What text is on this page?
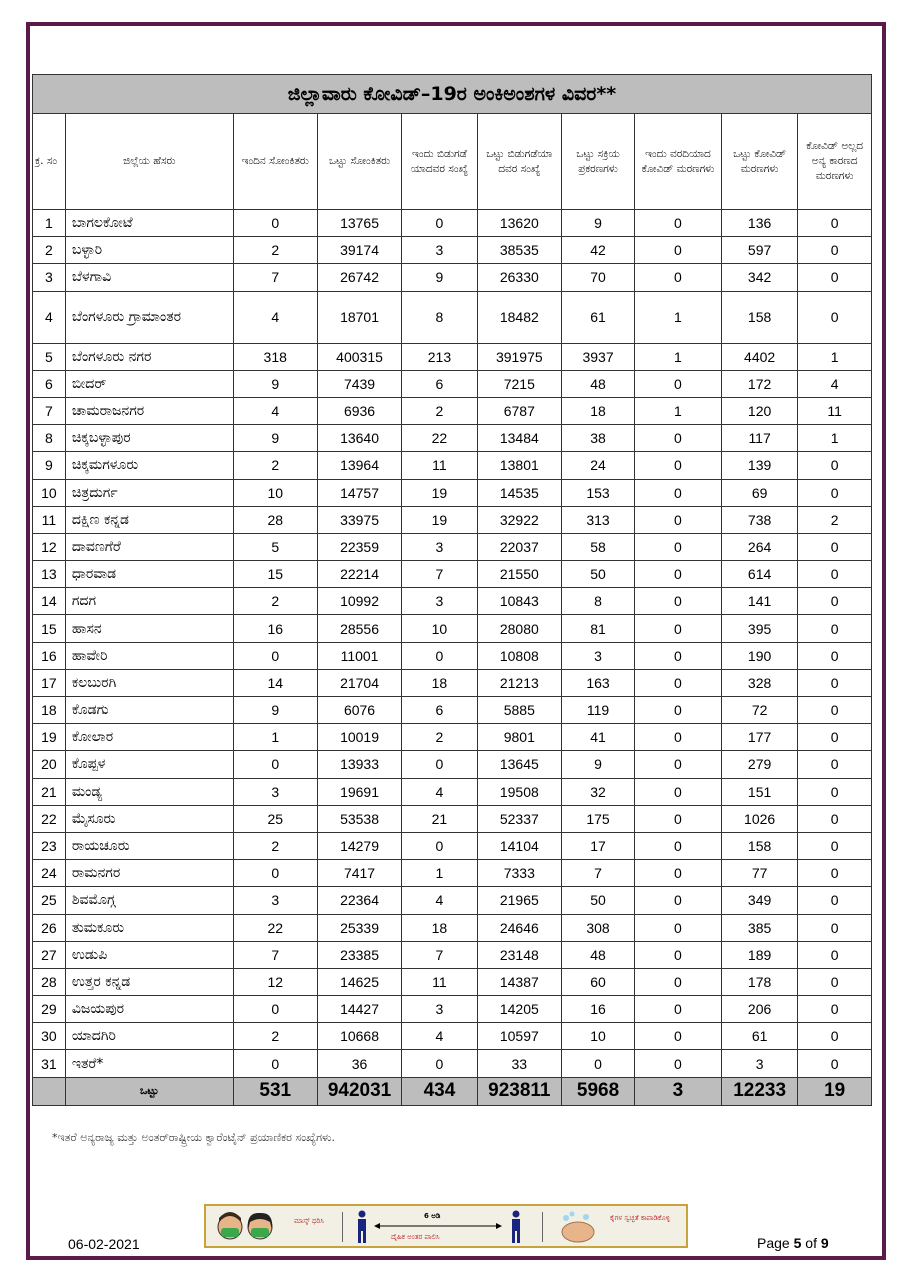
ಜಿಲ್ಲಾವಾರು ಕೋವಿಡ್–19ರ ಅಂಕಿಅಂಶಗಳ ವಿವರ**									
ಕ್ರ. ಸಂ	ಜಿಲ್ಲೆಯ ಹೆಸರು	ಇಂದಿನ ಸೋಂಕಿತರು	ಒಟ್ಟು ಸೋಂಕಿತರು	ಇಂದು ಬಿಡುಗಡೆ ಯಾದವರ ಸಂಖ್ಯೆ	ಒಟ್ಟು ಬಿಡುಗಡೆಯಾ ದವರ ಸಂಖ್ಯೆ	ಒಟ್ಟು ಸಕ್ರಿಯ ಪ್ರಕರಣಗಳು	ಇಂದು ವರದಿಯಾದ ಕೋವಿಡ್ ಮರಣಗಳು	ಒಟ್ಟು ಕೋವಿಡ್ ಮರಣಗಳು	ಕೋವಿಡ್ ಅಲ್ಲದ ಅನ್ಯ ಕಾರಣದ ಮರಣಗಳು
1	ಬಾಗಲಕೋಟೆ	0	13765	0	13620	9	0	136	0
2	ಬಳ್ಳಾರಿ	2	39174	3	38535	42	0	597	0
3	ಬೆಳಗಾವಿ	7	26742	9	26330	70	0	342	0
4	ಬೆಂಗಳೂರು ಗ್ರಾಮಾಂತರ	4	18701	8	18482	61	1	158	0
5	ಬೆಂಗಳೂರು ನಗರ	318	400315	213	391975	3937	1	4402	1
6	ಬೀದರ್	9	7439	6	7215	48	0	172	4
7	ಚಾಮರಾಜನಗರ	4	6936	2	6787	18	1	120	11
8	ಚಿಕ್ಕಬಳ್ಳಾಪುರ	9	13640	22	13484	38	0	117	1
9	ಚಿಕ್ಕಮಗಳೂರು	2	13964	11	13801	24	0	139	0
10	ಚಿತ್ರದುರ್ಗ	10	14757	19	14535	153	0	69	0
11	ದಕ್ಷಿಣ ಕನ್ನಡ	28	33975	19	32922	313	0	738	2
12	ದಾವಣಗೆರೆ	5	22359	3	22037	58	0	264	0
13	ಧಾರವಾಡ	15	22214	7	21550	50	0	614	0
14	ಗದಗ	2	10992	3	10843	8	0	141	0
15	ಹಾಸನ	16	28556	10	28080	81	0	395	0
16	ಹಾವೇರಿ	0	11001	0	10808	3	0	190	0
17	ಕಲಬುರಗಿ	14	21704	18	21213	163	0	328	0
18	ಕೊಡಗು	9	6076	6	5885	119	0	72	0
19	ಕೋಲಾರ	1	10019	2	9801	41	0	177	0
20	ಕೊಪ್ಪಳ	0	13933	0	13645	9	0	279	0
21	ಮಂಡ್ಯ	3	19691	4	19508	32	0	151	0
22	ಮೈಸೂರು	25	53538	21	52337	175	0	1026	0
23	ರಾಯಚೂರು	2	14279	0	14104	17	0	158	0
24	ರಾಮನಗರ	0	7417	1	7333	7	0	77	0
25	ಶಿವಮೊಗ್ಗ	3	22364	4	21965	50	0	349	0
26	ತುಮಕೂರು	22	25339	18	24646	308	0	385	0
27	ಉಡುಪಿ	7	23385	7	23148	48	0	189	0
28	ಉತ್ತರ ಕನ್ನಡ	12	14625	11	14387	60	0	178	0
29	ವಿಜಯಪುರ	0	14427	3	14205	16	0	206	0
30	ಯಾದಗಿರಿ	2	10668	4	10597	10	0	61	0
31	ಇತರೆ*	0	36	0	33	0	0	3	0
	ಒಟ್ಟು	531	942031	434	923811	5968	3	12233	19
*ಇತರೆ ಅನ್ಯರಾಜ್ಯ ಮತ್ತು ಅಂತರ್‌ರಾಷ್ಟ್ರೀಯ ಕ್ವಾರೆಂಟೈನ್ ಪ್ರಯಾಣಿಕರ ಸಂಖ್ಯೆಗಳು.
ಮಾಸ್ಕ್ ಧರಿಸಿ
6 ಅಡಿ
ದೈಹಿಕ ಅಂತರ ಪಾಲಿಸಿ
ಕೈಗಳ ಸ್ವಚ್ಛತೆ ಕಾಪಾಡಿಕೊಳ್ಳಿ
06-02-2021	Page 5 of 9
